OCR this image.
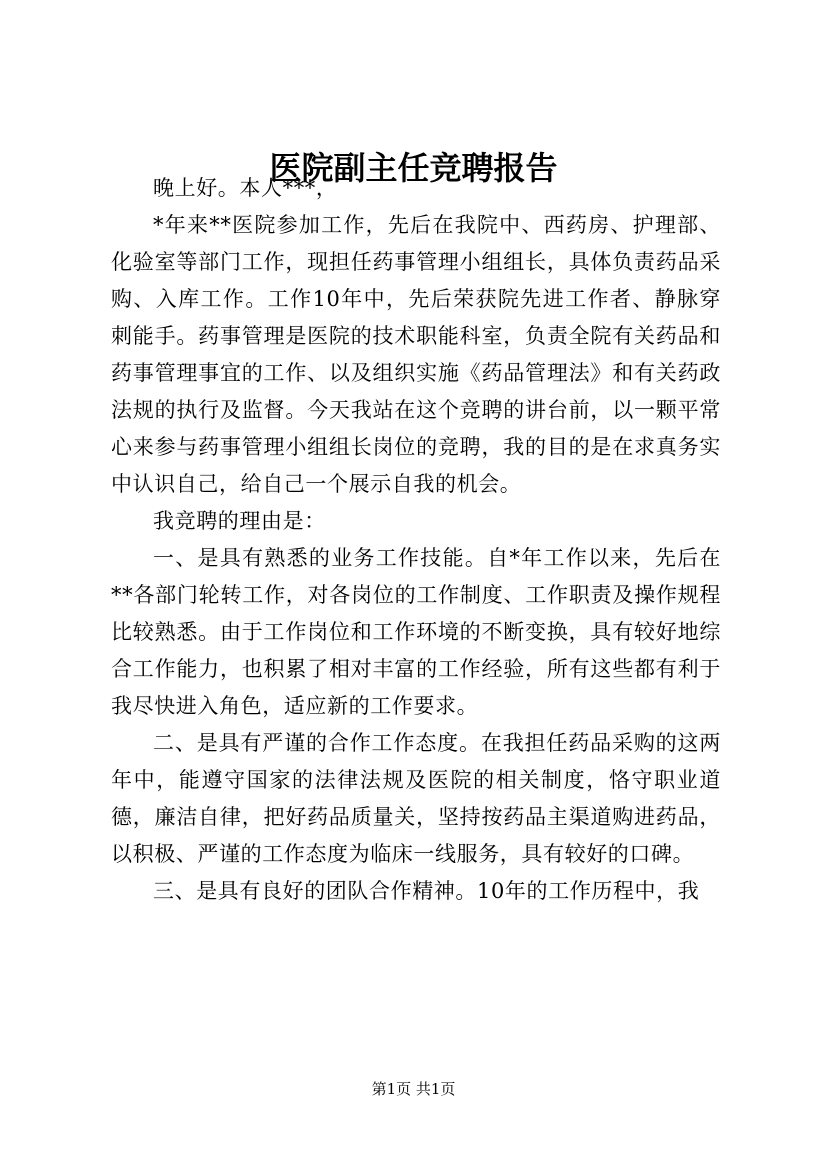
医院副主任竞聘报告

晚上好。本人***，

*年来**医院参加工作，先后在我院中、西药房、护理部、化验室等部门工作，现担任药事管理小组组长，具体负责药品采购、入库工作。工作10年中，先后荣获院先进工作者、静脉穿刺能手。药事管理是医院的技术职能科室，负责全院有关药品和药事管理事宜的工作、以及组织实施《药品管理法》和有关药政法规的执行及监督。今天我站在这个竞聘的讲台前，以一颗平常心来参与药事管理小组组长岗位的竞聘，我的目的是在求真务实中认识自己，给自己一个展示自我的机会。

我竞聘的理由是：

一、是具有熟悉的业务工作技能。自*年工作以来，先后在**各部门轮转工作，对各岗位的工作制度、工作职责及操作规程比较熟悉。由于工作岗位和工作环境的不断变换，具有较好地综合工作能力，也积累了相对丰富的工作经验，所有这些都有利于我尽快进入角色，适应新的工作要求。

二、是具有严谨的合作工作态度。在我担任药品采购的这两年中，能遵守国家的法律法规及医院的相关制度，恪守职业道德，廉洁自律，把好药品质量关，坚持按药品主渠道购进药品，以积极、严谨的工作态度为临床一线服务，具有较好的口碑。

三、是具有良好的团队合作精神。10年的工作历程中，我

第1页 共1页
